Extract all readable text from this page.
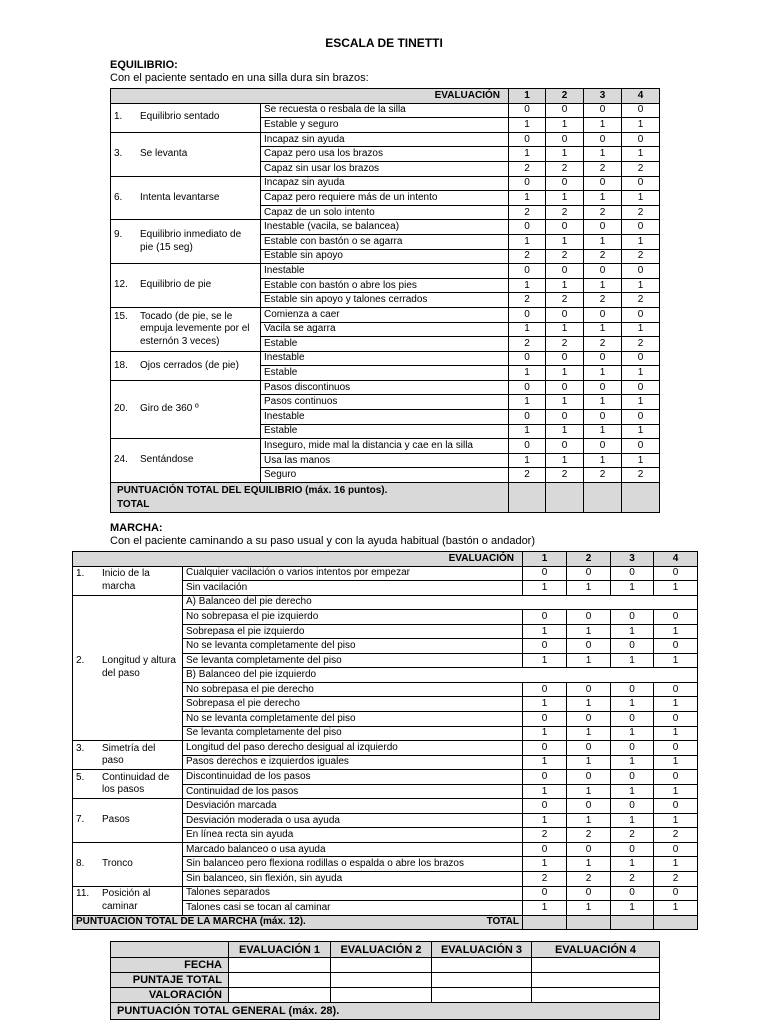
ESCALA DE TINETTI
EQUILIBRIO:
Con el paciente sentado en una silla dura sin brazos:
EVALUACIÓN		1	2	3	4

1. Equilibrio sentado	Se recuesta o resbala de la silla	0	0	0	0
	Estable y seguro	1	1	1	1

3. Se levanta	Incapaz sin ayuda	0	0	0	0
	Capaz pero usa los brazos	1	1	1	1
	Capaz sin usar los brazos	2	2	2	2

6. Intenta levantarse	Incapaz sin ayuda	0	0	0	0
	Capaz pero requiere más de un intento	1	1	1	1
	Capaz de un solo intento	2	2	2	2

9. Equilibrio inmediato de pie (15 seg)	Inestable (vacila, se balancea)	0	0	0	0
	Estable con bastón o se agarra	1	1	1	1
	Estable sin apoyo	2	2	2	2

12. Equilibrio de pie	Inestable	0	0	0	0
	Estable con bastón o abre los pies	1	1	1	1
	Estable sin apoyo y talones cerrados	2	2	2	2

15. Tocado (de pie, se le empuja levemente por el esternón 3 veces)	Comienza a caer	0	0	0	0
	Vacila se agarra	1	1	1	1
	Estable	2	2	2	2

18. Ojos cerrados (de pie)	Inestable	0	0	0	0
	Estable	1	1	1	1

20. Giro de 360 º	Pasos discontinuos	0	0	0	0
	Pasos continuos	1	1	1	1
	Inestable	0	0	0	0
	Estable	1	1	1	1

24. Sentándose	Inseguro, mide mal la distancia y cae en la silla	0	0	0	0
	Usa las manos	1	1	1	1
	Seguro	2	2	2	2

PUNTUACIÓN TOTAL DEL EQUILIBRIO (máx. 16 puntos).
TOTAL					

MARCHA:
Con el paciente caminando a su paso usual y con la ayuda habitual (bastón o andador)
EVALUACIÓN		1	2	3	4

1. Inicio de la marcha	Cualquier vacilación o varios intentos por empezar	0	0	0	0
	Sin vacilación	1	1	1	1

2. Longitud y altura del paso	A) Balanceo del pie derecho				
	No sobrepasa el pie izquierdo	0	0	0	0
	Sobrepasa el pie izquierdo	1	1	1	1
	No se levanta completamente del piso	0	0	0	0
	Se levanta completamente del piso	1	1	1	1
	B) Balanceo del pie izquierdo				
	No sobrepasa el pie derecho	0	0	0	0
	Sobrepasa el pie derecho	1	1	1	1
	No se levanta completamente del piso	0	0	0	0
	Se levanta completamente del piso	1	1	1	1

3. Simetría del paso	Longitud del paso derecho desigual al izquierdo	0	0	0	0
	Pasos derechos e izquierdos iguales	1	1	1	1

5. Continuidad de los pasos	Discontinuidad de los pasos	0	0	0	0
	Continuidad de los pasos	1	1	1	1

7. Pasos	Desviación marcada	0	0	0	0
	Desviación moderada o usa ayuda	1	1	1	1
	En línea recta sin ayuda	2	2	2	2

8. Tronco	Marcado balanceo o usa ayuda	0	0	0	0
	Sin balanceo pero flexiona rodillas o espalda o abre los brazos	1	1	1	1
	Sin balanceo, sin flexión, sin ayuda	2	2	2	2

11. Posición al caminar	Talones separados	0	0	0	0
	Talones casi se tocan al caminar	1	1	1	1

PUNTUACIÓN TOTAL DE LA MARCHA (máx. 12). TOTAL					

	EVALUACIÓN 1	EVALUACIÓN 2	EVALUACIÓN 3	EVALUACIÓN 4
FECHA				
PUNTAJE TOTAL				
VALORACIÓN				
PUNTUACIÓN TOTAL GENERAL (máx. 28).				
